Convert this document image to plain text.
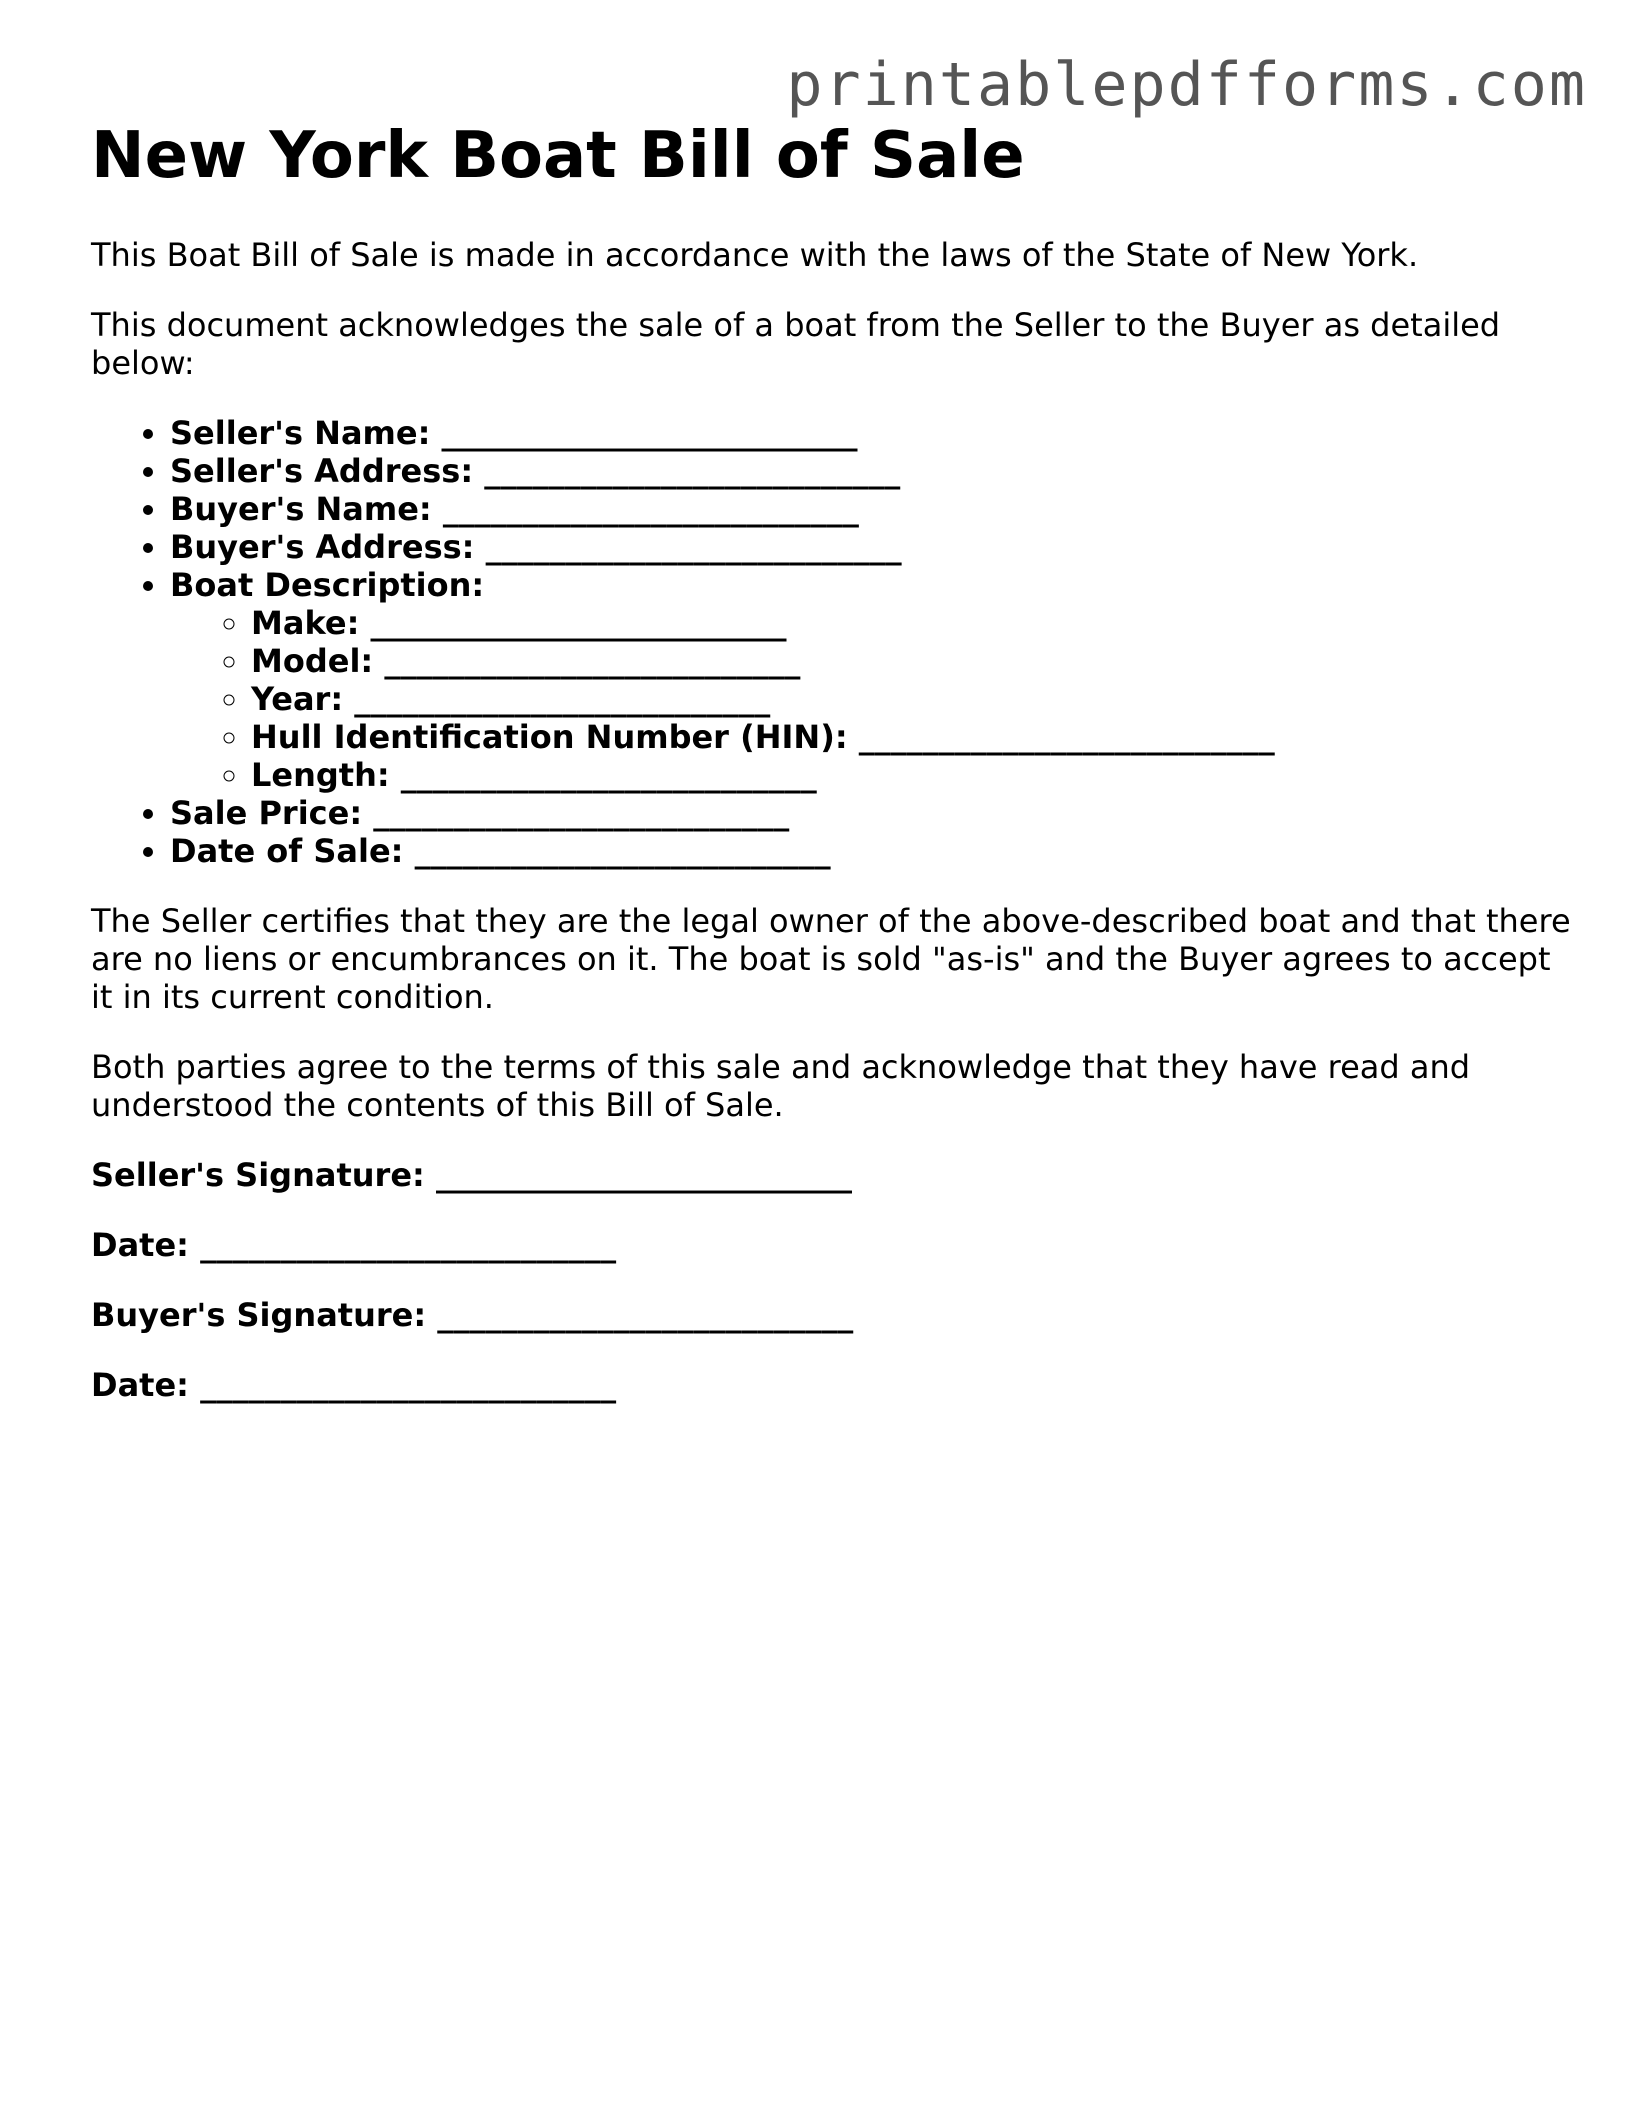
printablepdfforms.com
New York Boat Bill of Sale

This Boat Bill of Sale is made in accordance with the laws of the State of New York.

This document acknowledges the sale of a boat from the Seller to the Buyer as detailed below:

• Seller's Name: __________________________
• Seller's Address: __________________________
• Buyer's Name: __________________________
• Buyer's Address: __________________________
• Boat Description:
◦ Make: __________________________
◦ Model: __________________________
◦ Year: __________________________
◦ Hull Identification Number (HIN): __________________________
◦ Length: __________________________
• Sale Price: __________________________
• Date of Sale: __________________________

The Seller certifies that they are the legal owner of the above-described boat and that there are no liens or encumbrances on it. The boat is sold "as-is" and the Buyer agrees to accept it in its current condition.

Both parties agree to the terms of this sale and acknowledge that they have read and understood the contents of this Bill of Sale.

Seller's Signature: __________________________
Date: __________________________
Buyer's Signature: __________________________
Date: __________________________
